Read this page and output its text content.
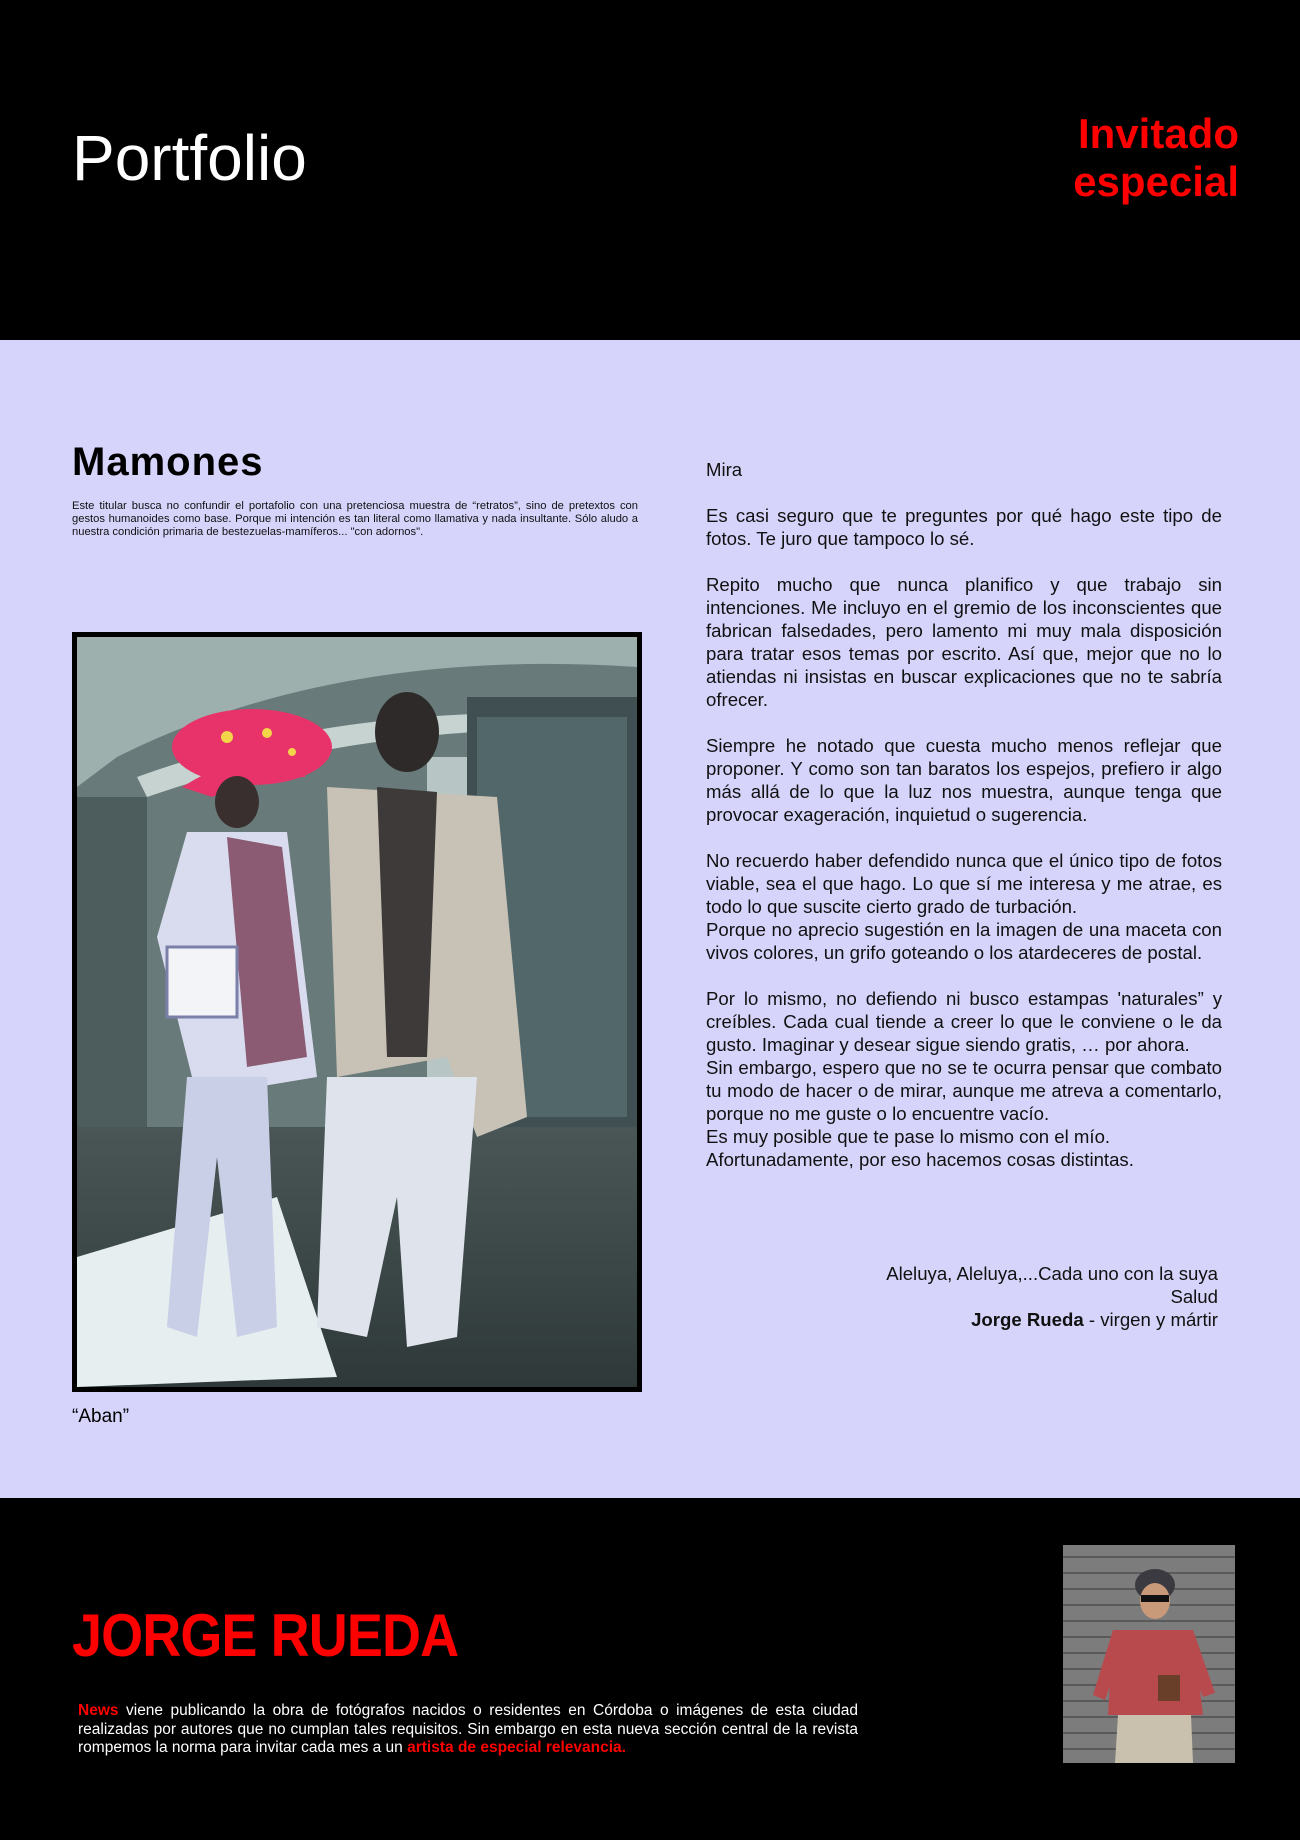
Portfolio	Invitado
especial
Mamones
Este titular busca no confundir el portafolio con una pretenciosa muestra de “retratos”, sino de pretextos con gestos humanoides como base. Porque mi intención es tan literal como llamativa y nada insultante. Sólo aludo a nuestra condición primaria de bestezuelas-mamíferos... "con adornos".
“Aban”

Mira

Es casi seguro que te preguntes por qué hago este tipo de fotos. Te juro que tampoco lo sé.

Repito mucho que nunca planifico y que trabajo sin intenciones. Me incluyo en el gremio de los inconscientes que fabrican falsedades, pero lamento mi muy mala disposición para tratar esos temas por escrito. Así que, mejor que no lo atiendas ni insistas en buscar explicaciones que no te sabría ofrecer.

Siempre he notado que cuesta mucho menos reflejar que proponer. Y como son tan baratos los espejos, prefiero ir algo más allá de lo que la luz nos muestra, aunque tenga que provocar exageración, inquietud o sugerencia.

No recuerdo haber defendido nunca que el único tipo de fotos viable, sea el que hago. Lo que sí me interesa y me atrae, es todo lo que suscite cierto grado de turbación.

Porque no aprecio sugestión en la imagen de una maceta con vivos colores, un grifo goteando o los atardeceres de postal.

Por lo mismo, no defiendo ni busco estampas 'naturales” y creíbles. Cada cual tiende a creer lo que le conviene o le da gusto. Imaginar y desear sigue siendo gratis, … por ahora.

Sin embargo, espero que no se te ocurra pensar que combato tu modo de hacer o de mirar, aunque me atreva a comentarlo, porque no me guste o lo encuentre vacío.

Es muy posible que te pase lo mismo con el mío.

Afortunadamente, por eso hacemos cosas distintas.

Aleluya, Aleluya,...Cada uno con la suya
Salud
Jorge Rueda - virgen y mártir
JORGE RUEDA
News viene publicando la obra de fotógrafos nacidos o residentes en Córdoba o imágenes de esta ciudad realizadas por autores que no cumplan tales requisitos. Sin embargo en esta nueva sección central de la revista rompemos la norma para invitar cada mes a un artista de especial relevancia.
